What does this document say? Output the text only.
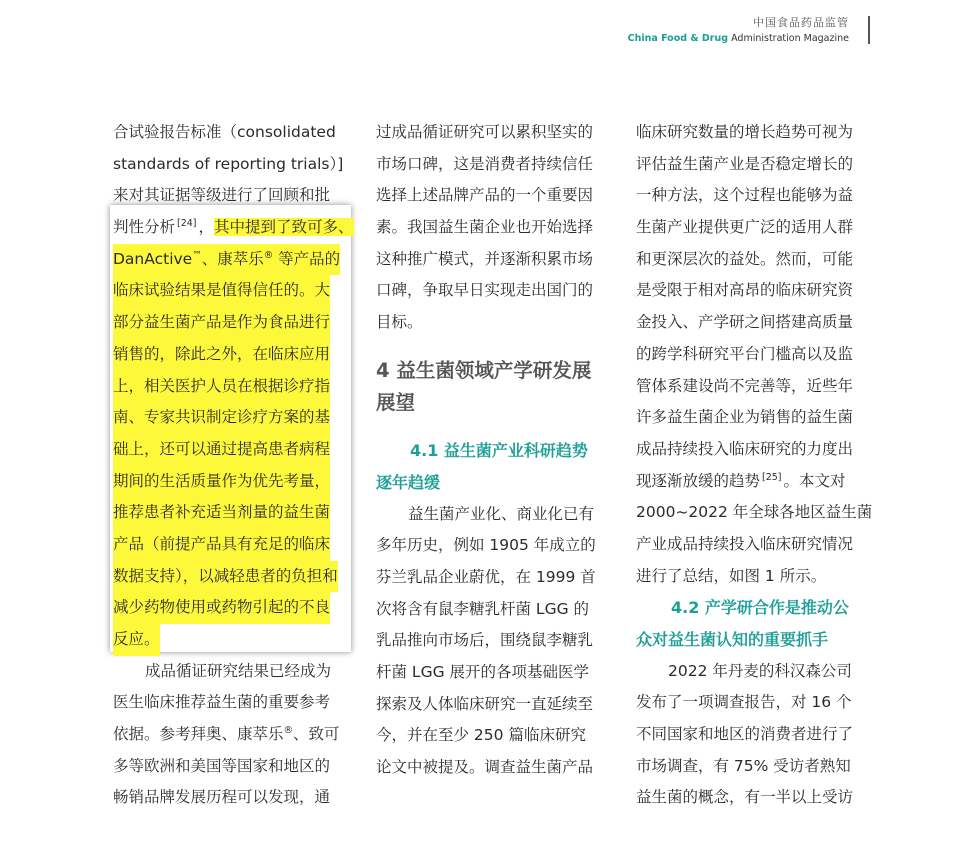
中国食品药品监管
China Food & Drug Administration Magazine
合试验报告标准（consolidated
standards of reporting trials）]
来对其证据等级进行了回顾和批
判性分析 [24] ，其中提到了致可多、
DanActive™、康萃乐® 等产品的
临床试验结果是值得信任的。大
部分益生菌产品是作为食品进行
销售的，除此之外，在临床应用
上，相关医护人员在根据诊疗指
南、专家共识制定诊疗方案的基
础上，还可以通过提高患者病程
期间的生活质量作为优先考量，
推荐患者补充适当剂量的益生菌
产品（前提产品具有充足的临床
数据支持），以减轻患者的负担和
减少药物使用或药物引起的不良
反应。
成品循证研究结果已经成为
医生临床推荐益生菌的重要参考
依据。参考拜奥、康萃乐®、致可
多等欧洲和美国等国家和地区的
畅销品牌发展历程可以发现，通
过成品循证研究可以累积坚实的
市场口碑，这是消费者持续信任
选择上述品牌产品的一个重要因
素。我国益生菌企业也开始选择
这种推广模式，并逐渐积累市场
口碑，争取早日实现走出国门的
目标。
4 益生菌领域产学研发展
展望
4.1 益生菌产业科研趋势
逐年趋缓
益生菌产业化、商业化已有
多年历史，例如 1905 年成立的
芬兰乳品企业蔚优，在 1999 首
次将含有鼠李糖乳杆菌 LGG 的
乳品推向市场后，围绕鼠李糖乳
杆菌 LGG 展开的各项基础医学
探索及人体临床研究一直延续至
今，并在至少 250 篇临床研究
论文中被提及。调查益生菌产品
临床研究数量的增长趋势可视为
评估益生菌产业是否稳定增长的
一种方法，这个过程也能够为益
生菌产业提供更广泛的适用人群
和更深层次的益处。然而，可能
是受限于相对高昂的临床研究资
金投入、产学研之间搭建高质量
的跨学科研究平台门槛高以及监
管体系建设尚不完善等，近些年
许多益生菌企业为销售的益生菌
成品持续投入临床研究的力度出
现逐渐放缓的趋势 [25] 。本文对
2000~2022 年全球各地区益生菌
产业成品持续投入临床研究情况
进行了总结，如图 1 所示。
4.2 产学研合作是推动公
众对益生菌认知的重要抓手
2022 年丹麦的科汉森公司
发布了一项调查报告，对 16 个
不同国家和地区的消费者进行了
市场调查，有 75% 受访者熟知
益生菌的概念，有一半以上受访
